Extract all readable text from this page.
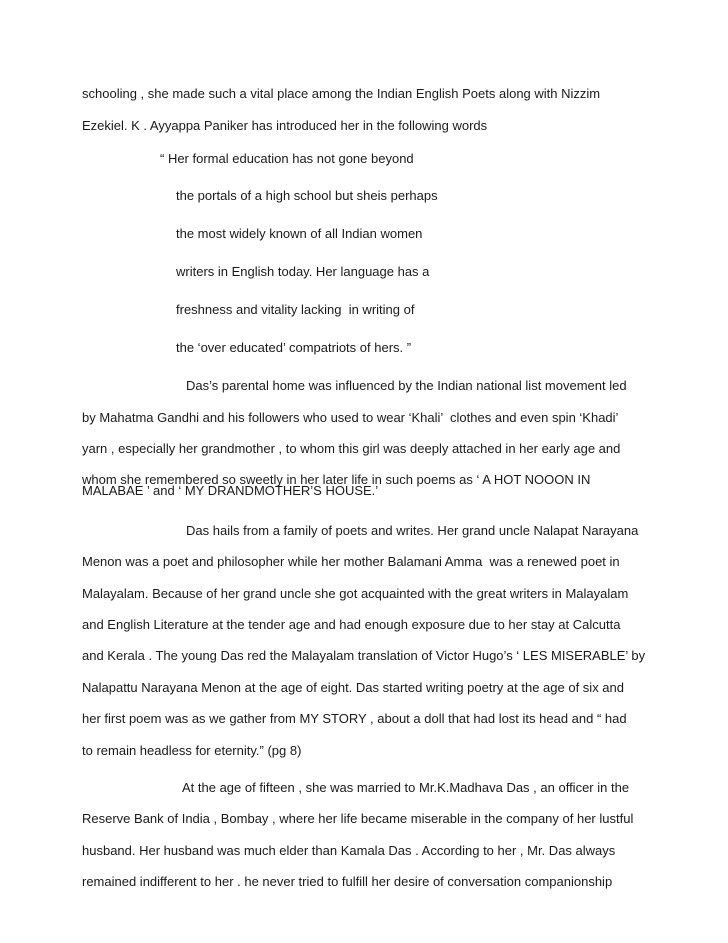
schooling , she made such a vital place among the Indian English Poets along with Nizzim
Ezekiel. K . Ayyappa Paniker has introduced her in the following words
“ Her formal education has not gone beyond
the portals of a high school but sheis perhaps
the most widely known of all Indian women
writers in English today. Her language has a
freshness and vitality lacking  in writing of
the ‘over educated’ compatriots of hers. ”
Das’s parental home was influenced by the Indian national list movement led
by Mahatma Gandhi and his followers who used to wear ‘Khali’  clothes and even spin ‘Khadi’
yarn , especially her grandmother , to whom this girl was deeply attached in her early age and
whom she remembered so sweetly in her later life in such poems as ‘ A HOT NOOON IN
MALABAE ’ and ‘ MY DRANDMOTHER’S HOUSE.’
Das hails from a family of poets and writes. Her grand uncle Nalapat Narayana
Menon was a poet and philosopher while her mother Balamani Amma  was a renewed poet in
Malayalam. Because of her grand uncle she got acquainted with the great writers in Malayalam
and English Literature at the tender age and had enough exposure due to her stay at Calcutta
and Kerala . The young Das red the Malayalam translation of Victor Hugo’s ‘ LES MISERABLE’ by
Nalapattu Narayana Menon at the age of eight. Das started writing poetry at the age of six and
her first poem was as we gather from MY STORY , about a doll that had lost its head and “ had
to remain headless for eternity.” (pg 8)
At the age of fifteen , she was married to Mr.K.Madhava Das , an officer in the
Reserve Bank of India , Bombay , where her life became miserable in the company of her lustful
husband. Her husband was much elder than Kamala Das . According to her , Mr. Das always
remained indifferent to her . he never tried to fulfill her desire of conversation companionship
